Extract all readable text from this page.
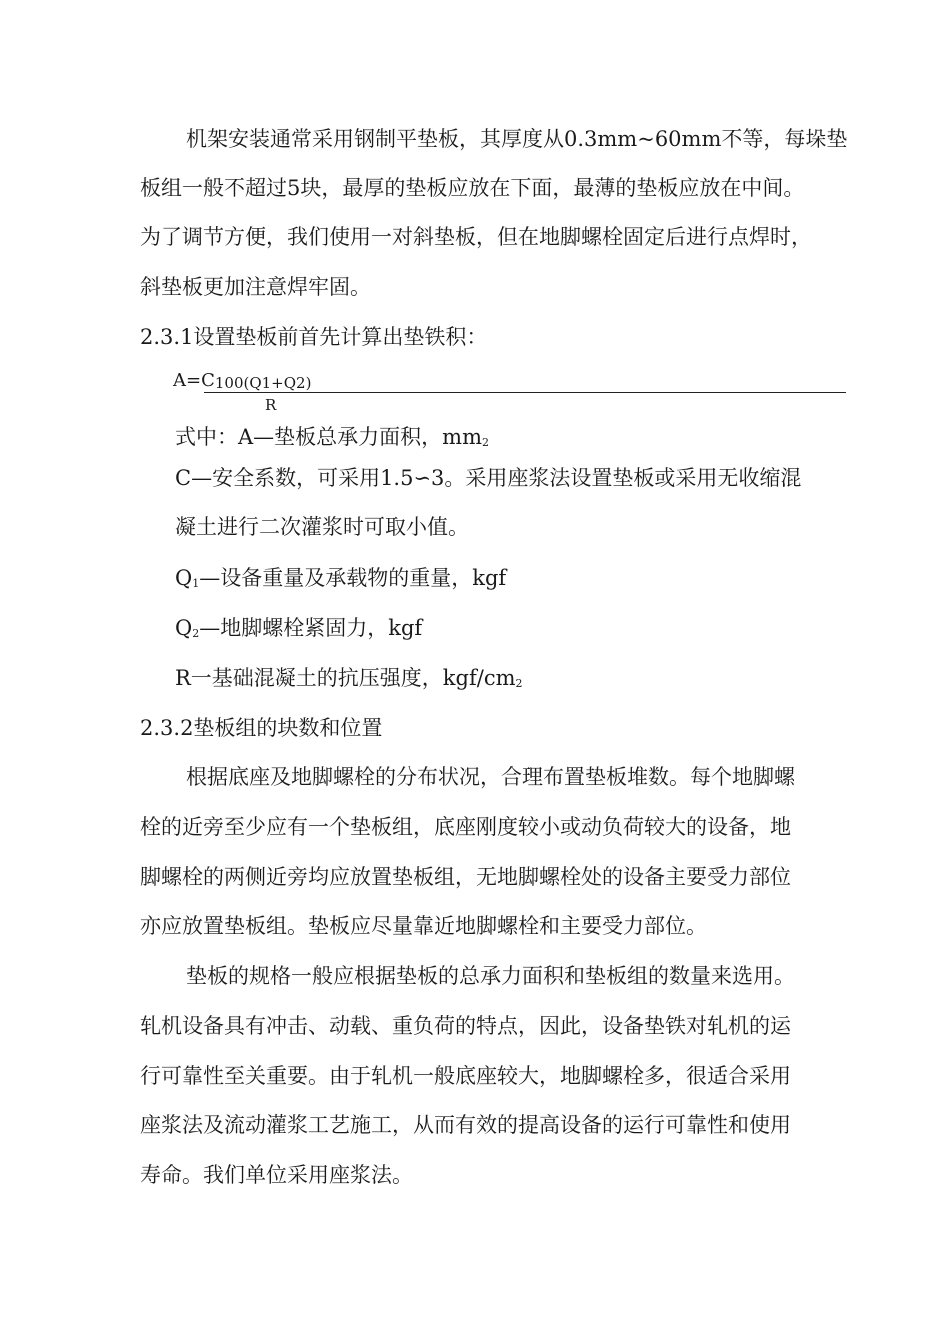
机架安装通常采用钢制平垫板，其厚度从0.3mm~60mm不等，每垛垫
板组一般不超过5块，最厚的垫板应放在下面，最薄的垫板应放在中间。
为了调节方便，我们使用一对斜垫板，但在地脚螺栓固定后进行点焊时，
斜垫板更加注意焊牢固。
2.3.1设置垫板前首先计算出垫铁积：
A=C100(Q1+Q2)
R
式中：A—垫板总承力面积，mm2
C—安全系数，可采用1.5∽3。采用座浆法设置垫板或采用无收缩混
凝土进行二次灌浆时可取小值。
Q1—设备重量及承载物的重量，kgf
Q2—地脚螺栓紧固力，kgf
R一基础混凝土的抗压强度，kgf/cm2
2.3.2垫板组的块数和位置
根据底座及地脚螺栓的分布状况，合理布置垫板堆数。每个地脚螺
栓的近旁至少应有一个垫板组，底座刚度较小或动负荷较大的设备，地
脚螺栓的两侧近旁均应放置垫板组，无地脚螺栓处的设备主要受力部位
亦应放置垫板组。垫板应尽量靠近地脚螺栓和主要受力部位。
垫板的规格一般应根据垫板的总承力面积和垫板组的数量来选用。
轧机设备具有冲击、动载、重负荷的特点，因此，设备垫铁对轧机的运
行可靠性至关重要。由于轧机一般底座较大，地脚螺栓多，很适合采用
座浆法及流动灌浆工艺施工，从而有效的提高设备的运行可靠性和使用
寿命。我们单位采用座浆法。
